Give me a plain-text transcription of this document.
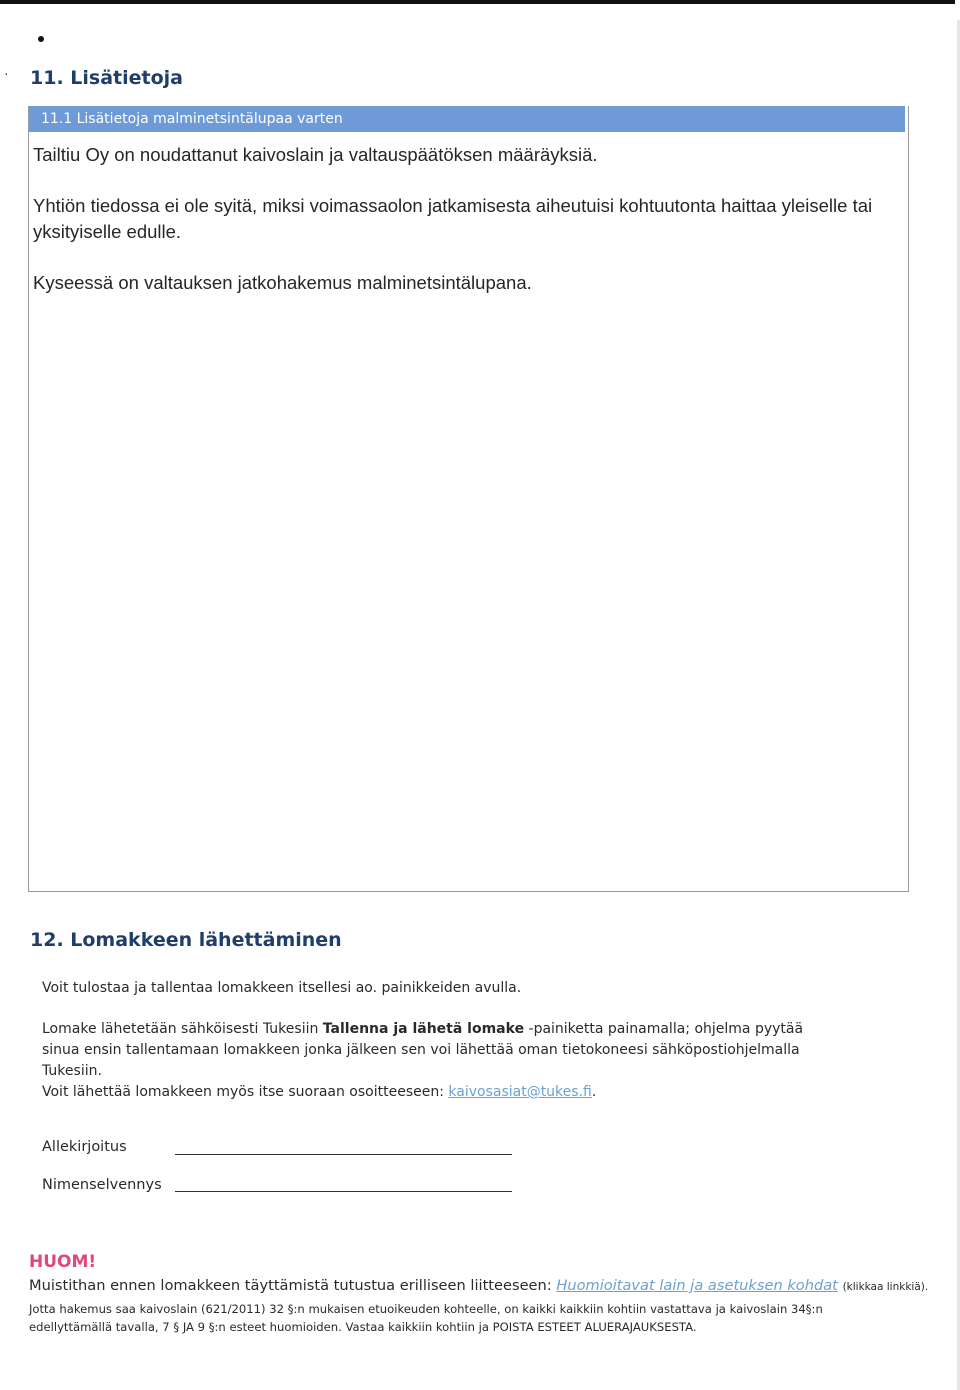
· 11. Lisätietoja
11.1 Lisätietoja malminetsintälupaa varten

Tailtiu Oy on noudattanut kaivoslain ja valtauspäätöksen määräyksiä.

Yhtiön tiedossa ei ole syitä, miksi voimassaolon jatkamisesta aiheutuisi kohtuutonta haittaa yleiselle tai yksityiselle edulle.

Kyseessä on valtauksen jatkohakemus malminetsintälupana.

12. Lomakkeen lähettäminen

Voit tulostaa ja tallentaa lomakkeen itsellesi ao. painikkeiden avulla.

Lomake lähetetään sähköisesti Tukesiin Tallenna ja lähetä lomake -painiketta painamalla; ohjelma pyytää sinua ensin tallentamaan lomakkeen jonka jälkeen sen voi lähettää oman tietokoneesi sähköpostiohjelmalla Tukesiin.

Voit lähettää lomakkeen myös itse suoraan osoitteeseen: kaivosasiat@tukes.fi.

Allekirjoitus

Nimenselvennys

HUOM!

Muistithan ennen lomakkeen täyttämistä tutustua erilliseen liitteeseen: Huomioitavat lain ja asetuksen kohdat (klikkaa linkkiä).

Jotta hakemus saa kaivoslain (621/2011) 32 §:n mukaisen etuoikeuden kohteelle, on kaikki kaikkiin kohtiin vastattava ja kaivoslain 34§:n

edellyttämällä tavalla, 7 § JA 9 §:n esteet huomioiden. Vastaa kaikkiin kohtiin ja POISTA ESTEET ALUERAJAUKSESTA.
